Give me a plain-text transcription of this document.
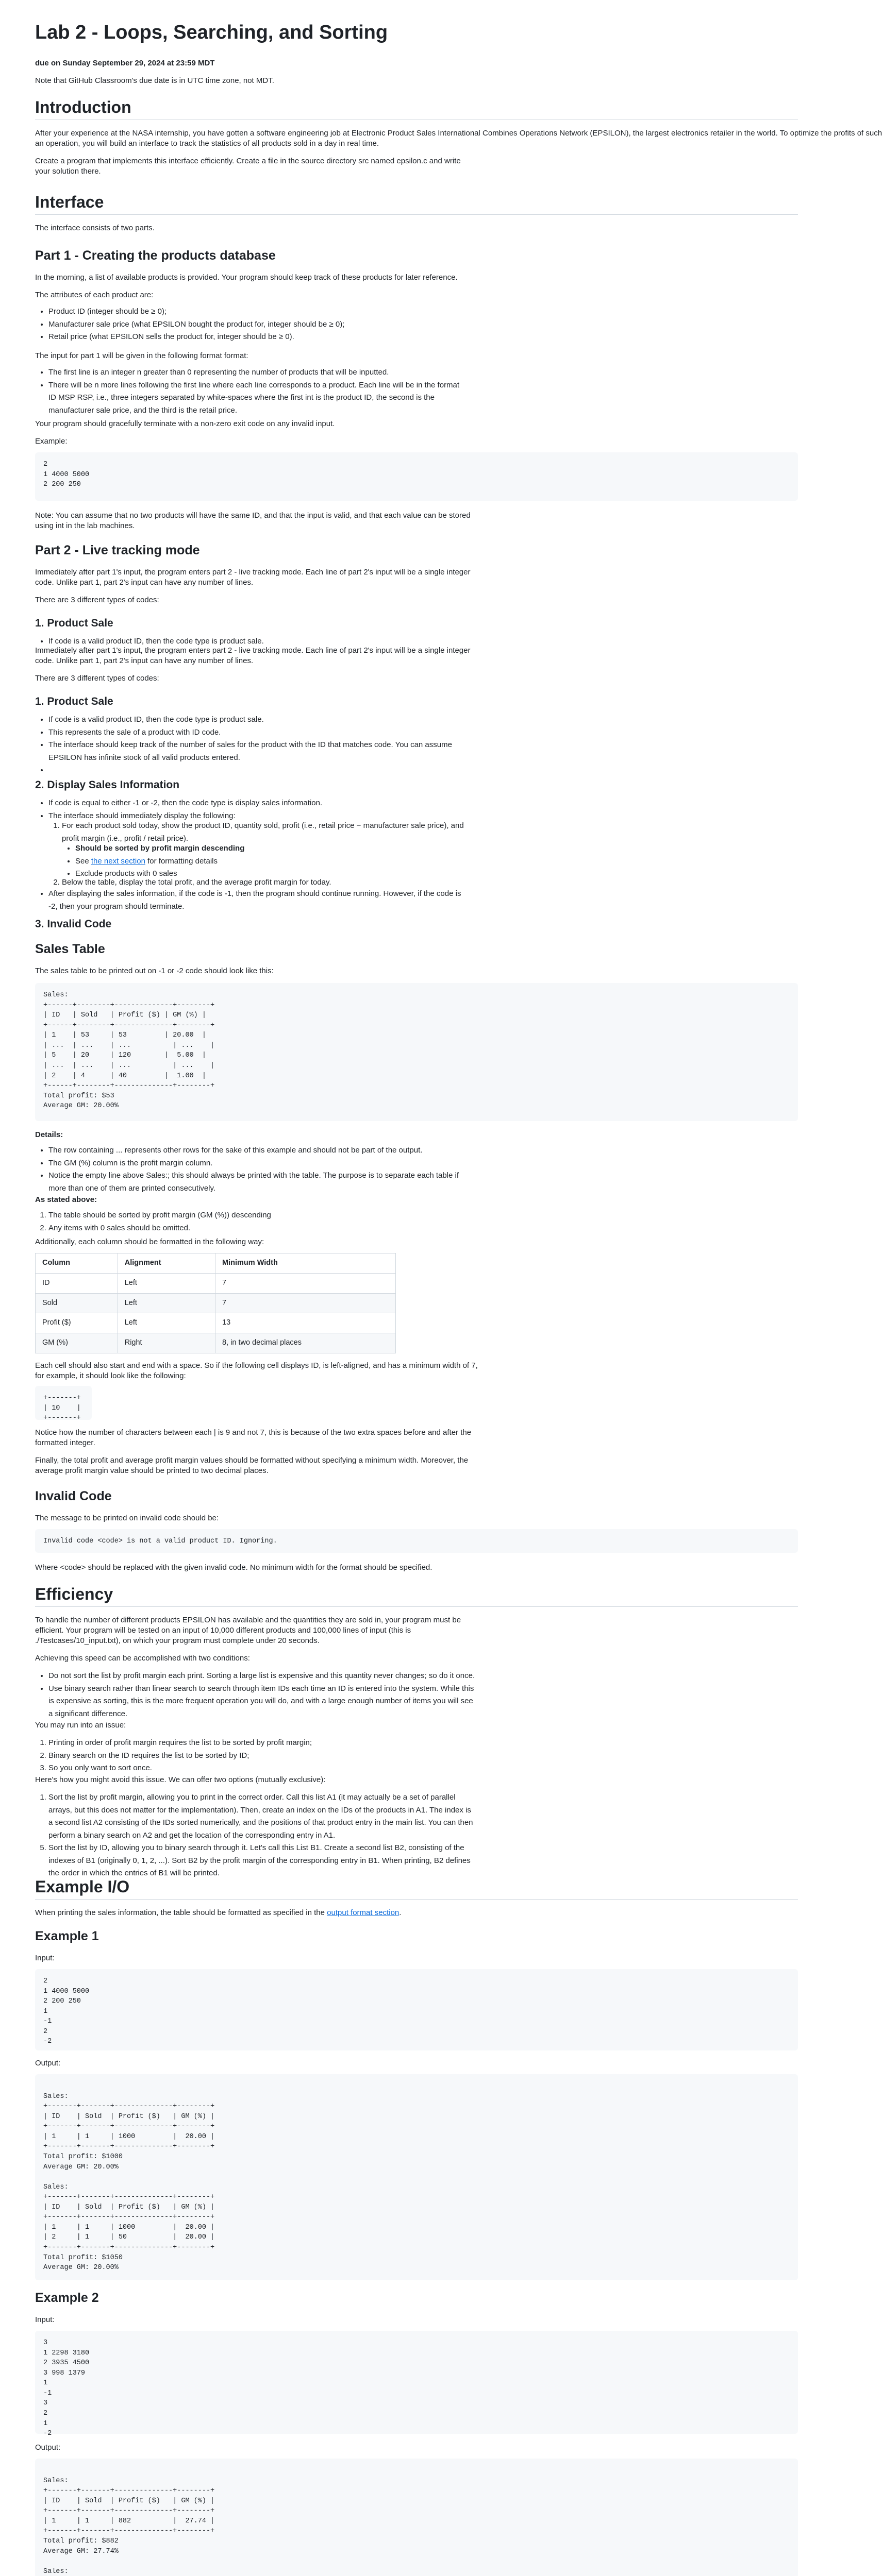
Lab 2 - Loops, Searching, and Sorting

due on Sunday September 29, 2024 at 23:59 MDT

Note that GitHub Classroom's due date is in UTC time zone, not MDT.

Introduction

After your experience at the NASA internship, you have gotten a software engineering job at Electronic Product Sales International Combines Operations Network (EPSILON), the largest electronics retailer in the world. To optimize the profits of such

an operation, you will build an interface to track the statistics of all products sold in a day in real time.

Create a program that implements this interface efficiently. Create a file in the source directory src named epsilon.c and write

your solution there.

Interface

The interface consists of two parts.

Part 1 - Creating the products database

In the morning, a list of available products is provided. Your program should keep track of these products for later reference.

The attributes of each product are:

• Product ID (integer should be ≥ 0);
• Manufacturer sale price (what EPSILON bought the product for, integer should be ≥ 0);
• Retail price (what EPSILON sells the product for, integer should be ≥ 0).

The input for part 1 will be given in the following format format:

• The first line is an integer n greater than 0 representing the number of products that will be inputted.
• There will be n more lines following the first line where each line corresponds to a product. Each line will be in the format
ID MSP RSP, i.e., three integers separated by white-spaces where the first int is the product ID, the second is the
manufacturer sale price, and the third is the retail price.

Your program should gracefully terminate with a non-zero exit code on any invalid input.

Example:

2
1 4000 5000
2 200 250

Note: You can assume that no two products will have the same ID, and that the input is valid, and that each value can be stored

using int in the lab machines.

Part 2 - Live tracking mode

Immediately after part 1's input, the program enters part 2 - live tracking mode. Each line of part 2's input will be a single integer

code. Unlike part 1, part 2's input can have any number of lines.

There are 3 different types of codes:

1. Product Sale
• If code is a valid product ID, then the code type is product sale.

Immediately after part 1's input, the program enters part 2 - live tracking mode. Each line of part 2's input will be a single integer

code. Unlike part 1, part 2's input can have any number of lines.

There are 3 different types of codes:

1. Product Sale
• If code is a valid product ID, then the code type is product sale.
• This represents the sale of a product with ID code.
• The interface should keep track of the number of sales for the product with the ID that matches code. You can assume
EPSILON has infinite stock of all valid products entered.
•
2. Display Sales Information
• If code is equal to either -1 or -2, then the code type is display sales information.
• The interface should immediately display the following:
1. For each product sold today, show the product ID, quantity sold, profit (i.e., retail price − manufacturer sale price), and
profit margin (i.e., profit / retail price).
• Should be sorted by profit margin descending
• See the next section for formatting details
• Exclude products with 0 sales
2. Below the table, display the total profit, and the average profit margin for today.
• After displaying the sales information, if the code is -1, then the program should continue running. However, if the code is
-2, then your program should terminate.
3. Invalid Code
Sales Table

The sales table to be printed out on -1 or -2 code should look like this:

Sales:
+------+--------+--------------+--------+
| ID   | Sold   | Profit ($) | GM (%) |
+------+--------+--------------+--------+
| 1    | 53     | 53         | 20.00  |
| ...  | ...    | ...          | ...    |
| 5    | 20     | 120        |  5.00  |
| ...  | ...    | ...          | ...    |
| 2    | 4      | 40         |  1.00  |
+------+--------+--------------+--------+
Total profit: $53
Average GM: 20.00%

Details:

• The row containing ... represents other rows for the sake of this example and should not be part of the output.
• The GM (%) column is the profit margin column.
• Notice the empty line above Sales:; this should always be printed with the table. The purpose is to separate each table if
more than one of them are printed consecutively.

As stated above:

1. The table should be sorted by profit margin (GM (%)) descending
2. Any items with 0 sales should be omitted.

Additionally, each column should be formatted in the following way:

Column	Alignment	Minimum Width
ID	Left	7
Sold	Left	7
Profit ($)	Left	13
GM (%)	Right	8, in two decimal places

Each cell should also start and end with a space. So if the following cell displays ID, is left-aligned, and has a minimum width of 7,

for example, it should look like the following:

+-------+
| 10    |
+-------+

Notice how the number of characters between each | is 9 and not 7, this is because of the two extra spaces before and after the

formatted integer.

Finally, the total profit and average profit margin values should be formatted without specifying a minimum width. Moreover, the

average profit margin value should be printed to two decimal places.

Invalid Code

The message to be printed on invalid code should be:

Invalid code <code> is not a valid product ID. Ignoring.

Where <code> should be replaced with the given invalid code. No minimum width for the format should be specified.

Efficiency

To handle the number of different products EPSILON has available and the quantities they are sold in, your program must be

efficient. Your program will be tested on an input of 10,000 different products and 100,000 lines of input (this is

./Testcases/10_input.txt), on which your program must complete under 20 seconds.

Achieving this speed can be accomplished with two conditions:

• Do not sort the list by profit margin each print. Sorting a large list is expensive and this quantity never changes; so do it once.
• Use binary search rather than linear search to search through item IDs each time an ID is entered into the system. While this
is expensive as sorting, this is the more frequent operation you will do, and with a large enough number of items you will see
a significant difference.

You may run into an issue:

1. Printing in order of profit margin requires the list to be sorted by profit margin;
2. Binary search on the ID requires the list to be sorted by ID;
3. So you only want to sort once.

Here's how you might avoid this issue. We can offer two options (mutually exclusive):

1. Sort the list by profit margin, allowing you to print in the correct order. Call this list A1 (it may actually be a set of parallel
arrays, but this does not matter for the implementation). Then, create an index on the IDs of the products in A1. The index is
a second list A2 consisting of the IDs sorted numerically, and the positions of that product entry in the main list. You can then
perform a binary search on A2 and get the location of the corresponding entry in A1.
5. Sort the list by ID, allowing you to binary search through it. Let's call this List B1. Create a second list B2, consisting of the
indexes of B1 (originally 0, 1, 2, ...). Sort B2 by the profit margin of the corresponding entry in B1. When printing, B2 defines
the order in which the entries of B1 will be printed.
Example I/O

When printing the sales information, the table should be formatted as specified in the output format section.

Example 1

Input:

2
1 4000 5000
2 200 250
1
-1
2
-2

Output:

Sales:
+-------+-------+--------------+--------+
| ID    | Sold  | Profit ($)   | GM (%) |
+-------+-------+--------------+--------+
| 1     | 1     | 1000         |  20.00 |
+-------+-------+--------------+--------+
Total profit: $1000
Average GM: 20.00%

Sales:
+-------+-------+--------------+--------+
| ID    | Sold  | Profit ($)   | GM (%) |
+-------+-------+--------------+--------+
| 1     | 1     | 1000         |  20.00 |
| 2     | 1     | 50           |  20.00 |
+-------+-------+--------------+--------+
Total profit: $1050
Average GM: 20.00%
Example 2

Input:

3
1 2298 3180
2 3935 4500
3 998 1379
1
-1
3
2
1
-2

Output:

Sales:
+-------+-------+--------------+--------+
| ID    | Sold  | Profit ($)   | GM (%) |
+-------+-------+--------------+--------+
| 1     | 1     | 882          |  27.74 |
+-------+-------+--------------+--------+
Total profit: $882
Average GM: 27.74%

Sales:
